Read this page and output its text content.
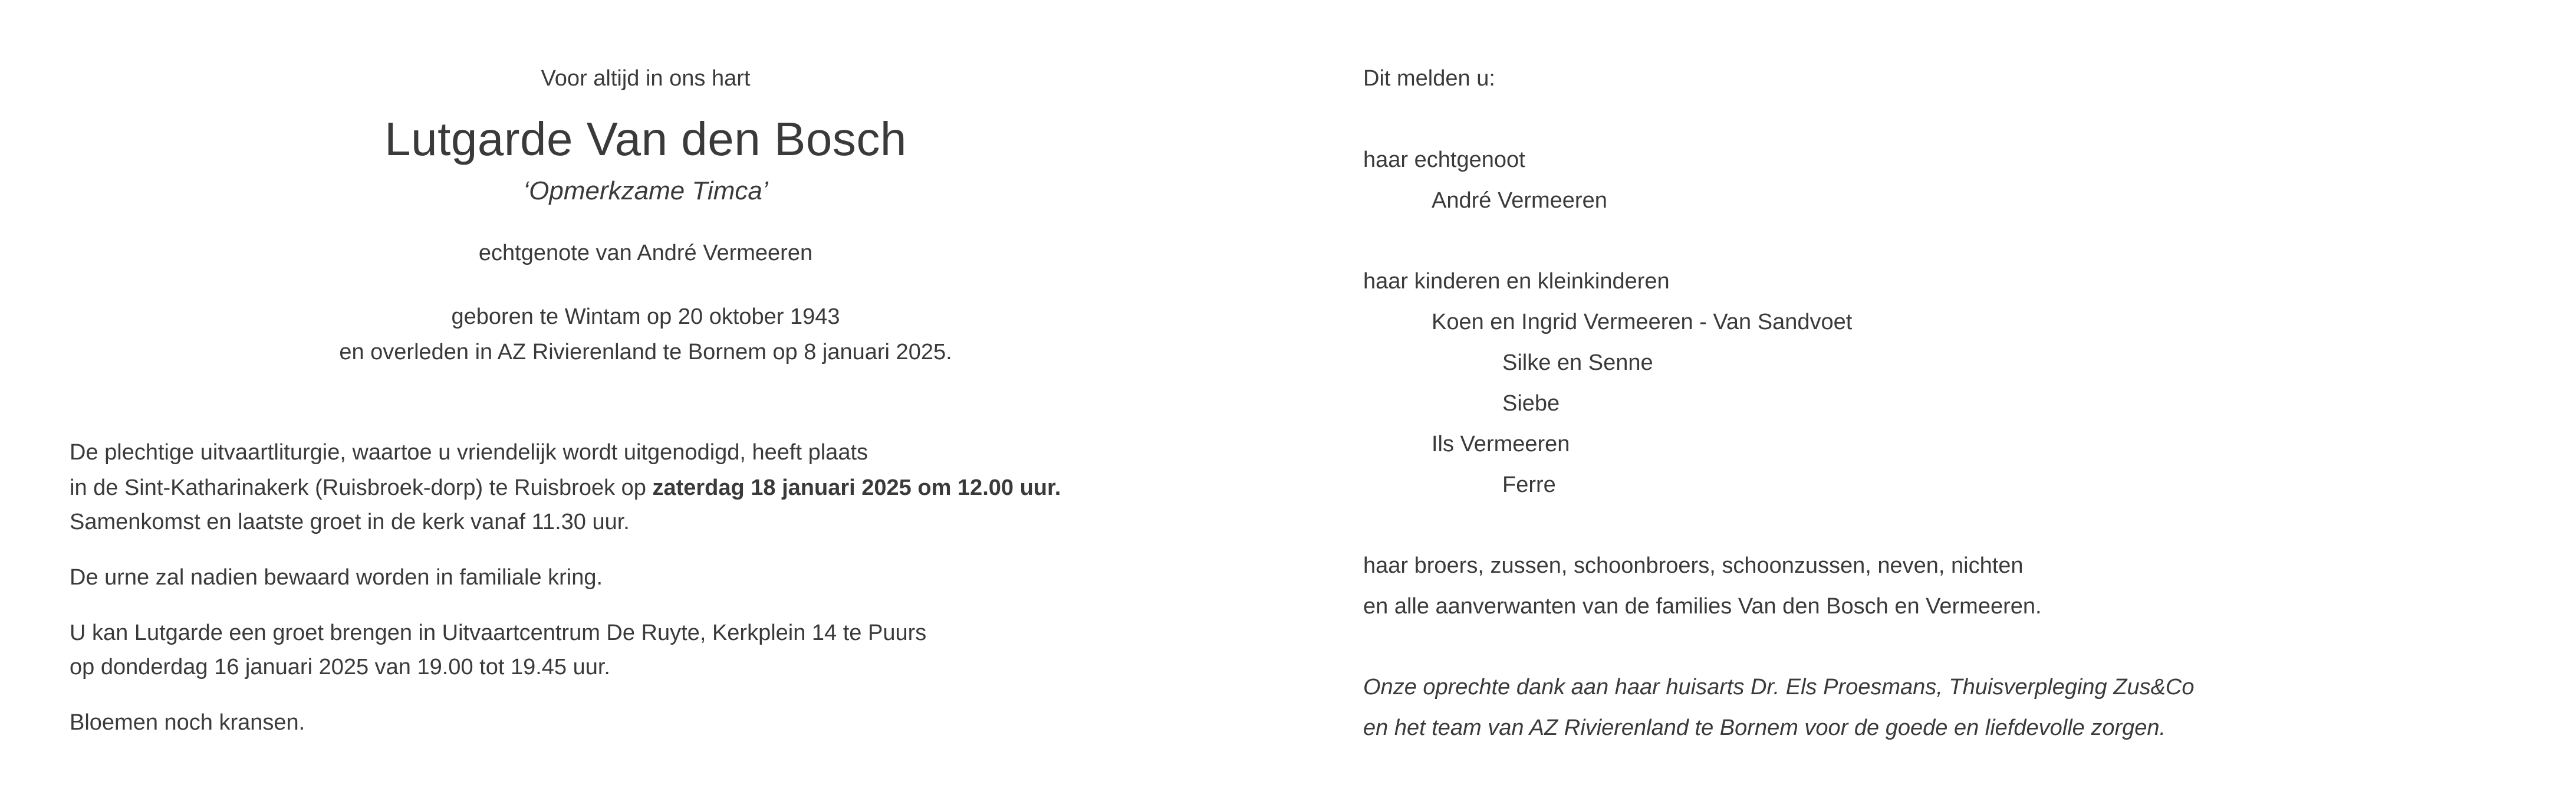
Voor altijd in ons hart
Lutgarde Van den Bosch
‘Opmerkzame Timca’
echtgenote van André Vermeeren
geboren te Wintam op 20 oktober 1943
en overleden in AZ Rivierenland te Bornem op 8 januari 2025.
De plechtige uitvaartliturgie, waartoe u vriendelijk wordt uitgenodigd, heeft plaats
in de Sint-Katharinakerk (Ruisbroek-dorp) te Ruisbroek op zaterdag 18 januari 2025 om 12.00 uur.
Samenkomst en laatste groet in de kerk vanaf 11.30 uur.
De urne zal nadien bewaard worden in familiale kring.
U kan Lutgarde een groet brengen in Uitvaartcentrum De Ruyte, Kerkplein 14 te Puurs
op donderdag 16 januari 2025 van 19.00 tot 19.45 uur.
Bloemen noch kransen.
Dit melden u:
haar echtgenoot
André Vermeeren
haar kinderen en kleinkinderen
Koen en Ingrid Vermeeren - Van Sandvoet
Silke en Senne
Siebe
Ils Vermeeren
Ferre
haar broers, zussen, schoonbroers, schoonzussen, neven, nichten
en alle aanverwanten van de families Van den Bosch en Vermeeren.
Onze oprechte dank aan haar huisarts Dr. Els Proesmans, Thuisverpleging Zus&Co
en het team van AZ Rivierenland te Bornem voor de goede en liefdevolle zorgen.
